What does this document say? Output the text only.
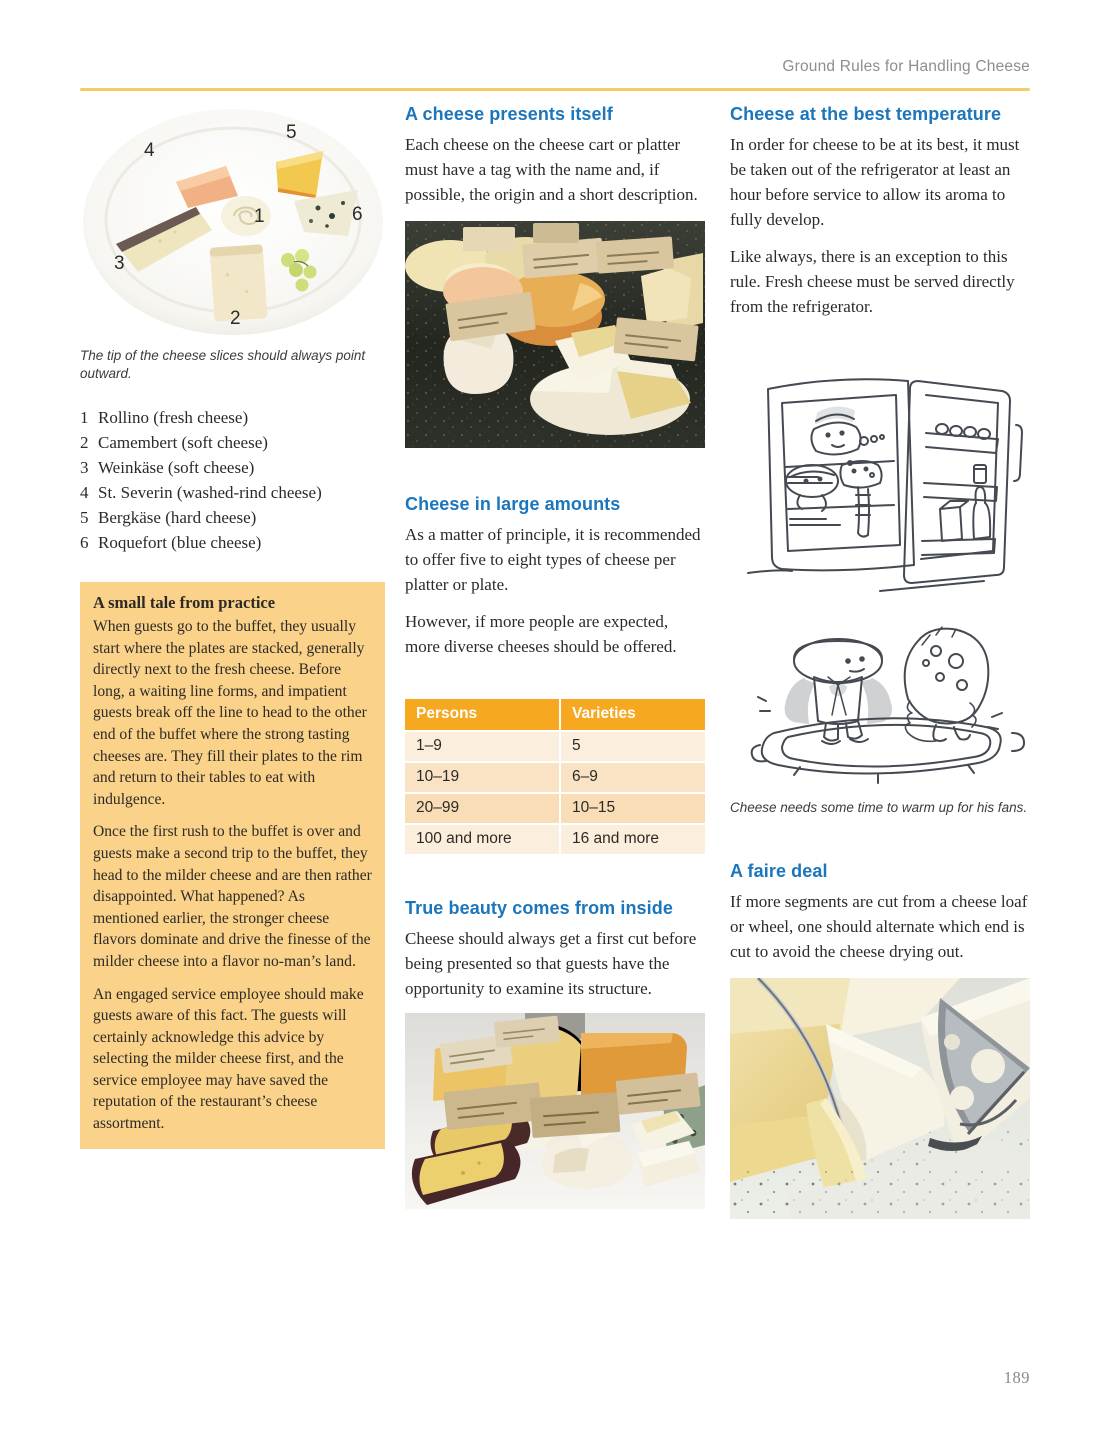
Ground Rules for Handling Cheese
4
5
1	6
3
2

The tip of the cheese slices should always point outward.

1 Rollino (fresh cheese)
2 Camembert (soft cheese)
3 Weinkäse (soft cheese)
4 St. Severin (washed-rind cheese)
5 Bergkäse (hard cheese)
6 Roquefort (blue cheese)
A small tale from practice

When guests go to the buffet, they usually start where the plates are stacked, generally directly next to the fresh cheese. Before long, a waiting line forms, and impatient guests break off the line to head to the other end of the buffet where the strong tasting cheeses are. They fill their plates to the rim and return to their tables to eat with indulgence.

Once the first rush to the buffet is over and guests make a second trip to the buffet, they head to the milder cheese and are then rather disappointed. What happened? As mentioned earlier, the stronger cheese flavors dominate and drive the finesse of the milder cheese into a flavor no-man’s land.

An engaged service employee should make guests aware of this fact. The guests will certainly acknowledge this advice by selecting the milder cheese first, and the service employee may have saved the reputation of the restaurant’s cheese assortment.

A cheese presents itself

Each cheese on the cheese cart or platter must have a tag with the name and, if possible, the origin and a short description.

Cheese in large amounts

As a matter of principle, it is recommended to offer five to eight types of cheese per platter or plate.

However, if more people are expected, more diverse cheeses should be offered.

Persons	Varieties
1–9	5
10–19	6–9
20–99	10–15
100 and more	16 and more
True beauty comes from inside

Cheese should always get a first cut before being presented so that guests have the opportunity to examine its structure.

Cheese at the best temperature

In order for cheese to be at its best, it must be taken out of the refrigerator at least an hour before service to allow its aroma to fully develop.

Like always, there is an exception to this rule. Fresh cheese must be served directly from the refrigerator.

Cheese needs some time to warm up for his fans.

A faire deal

If more segments are cut from a cheese loaf or wheel, one should alternate which end is cut to avoid the cheese drying out.

189
